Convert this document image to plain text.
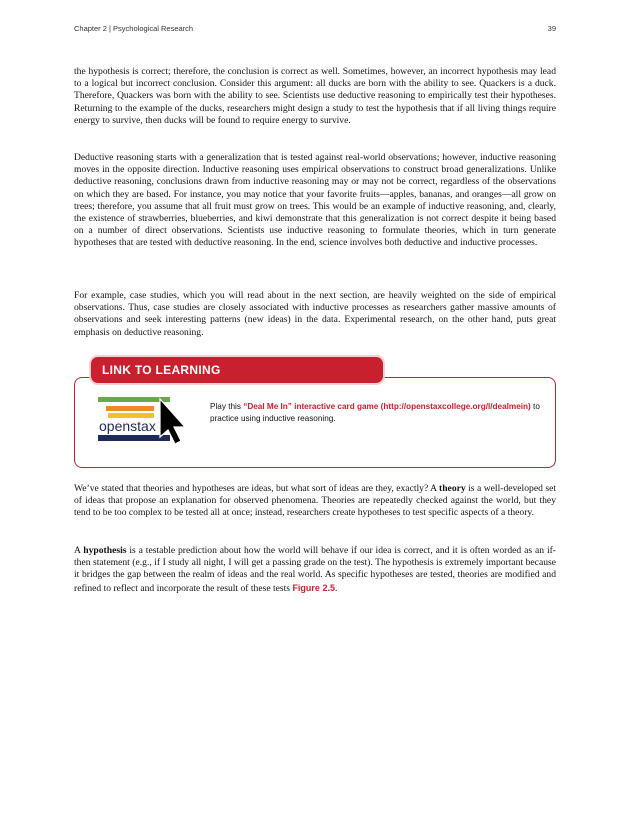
Chapter 2 | Psychological Research	39

the hypothesis is correct; therefore, the conclusion is correct as well. Sometimes, however, an incorrect hypothesis may lead to a logical but incorrect conclusion. Consider this argument: all ducks are born with the ability to see. Quackers is a duck. Therefore, Quackers was born with the ability to see. Scientists use deductive reasoning to empirically test their hypotheses. Returning to the example of the ducks, researchers might design a study to test the hypothesis that if all living things require energy to survive, then ducks will be found to require energy to survive.

Deductive reasoning starts with a generalization that is tested against real-world observations; however, inductive reasoning moves in the opposite direction. Inductive reasoning uses empirical observations to construct broad generalizations. Unlike deductive reasoning, conclusions drawn from inductive reasoning may or may not be correct, regardless of the observations on which they are based. For instance, you may notice that your favorite fruits—apples, bananas, and oranges—all grow on trees; therefore, you assume that all fruit must grow on trees. This would be an example of inductive reasoning, and, clearly, the existence of strawberries, blueberries, and kiwi demonstrate that this generalization is not correct despite it being based on a number of direct observations. Scientists use inductive reasoning to formulate theories, which in turn generate hypotheses that are tested with deductive reasoning. In the end, science involves both deductive and inductive processes.

For example, case studies, which you will read about in the next section, are heavily weighted on the side of empirical observations. Thus, case studies are closely associated with inductive processes as researchers gather massive amounts of observations and seek interesting patterns (new ideas) in the data. Experimental research, on the other hand, puts great emphasis on deductive reasoning.

LINK TO LEARNING
openstax
Play this “Deal Me In” interactive card game (http://openstaxcollege.org/l/dealmein) to practice using inductive reasoning.

We’ve stated that theories and hypotheses are ideas, but what sort of ideas are they, exactly? A theory is a well-developed set of ideas that propose an explanation for observed phenomena. Theories are repeatedly checked against the world, but they tend to be too complex to be tested all at once; instead, researchers create hypotheses to test specific aspects of a theory.

A hypothesis is a testable prediction about how the world will behave if our idea is correct, and it is often worded as an if-then statement (e.g., if I study all night, I will get a passing grade on the test). The hypothesis is extremely important because it bridges the gap between the realm of ideas and the real world. As specific hypotheses are tested, theories are modified and refined to reflect and incorporate the result of these tests Figure 2.5.
